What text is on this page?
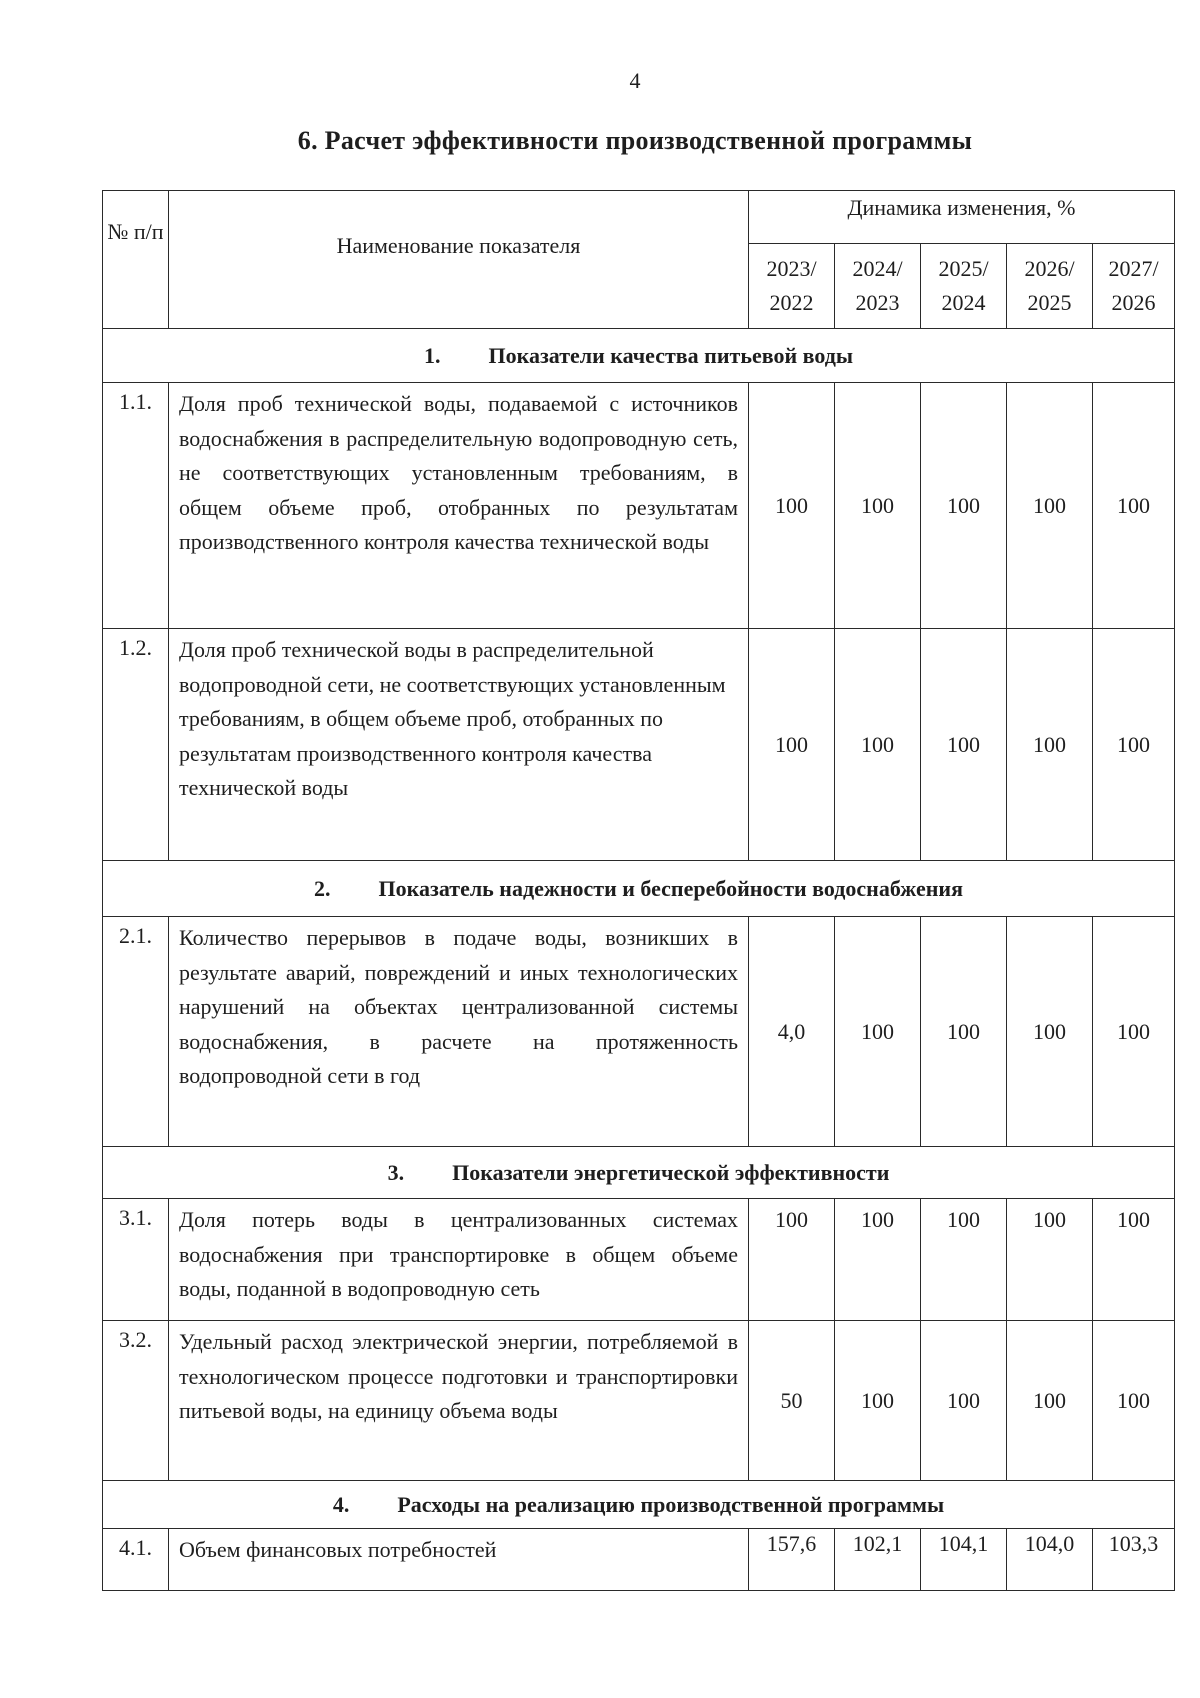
4
6. Расчет эффективности производственной программы
№ п/п	Наименование показателя	Динамика изменения, %				
		2023/ 2022	2024/ 2023	2025/ 2024	2026/ 2025	2027/ 2026
1. Показатели качества питьевой воды						
1.1.	Доля проб технической воды, подаваемой с источников водоснабжения в распределительную водопроводную сеть, не соответствующих установленным требованиям, в общем объеме проб, отобранных по результатам производственного контроля качества технической воды	100	100	100	100	100
1.2.	Доля проб технической воды в распределительной водопроводной сети, не соответствующих установленным требованиям, в общем объеме проб, отобранных по результатам производственного контроля качества технической воды	100	100	100	100	100
2. Показатель надежности и бесперебойности водоснабжения						
2.1.	Количество перерывов в подаче воды, возникших в результате аварий, повреждений и иных технологических нарушений на объектах централизованной системы водоснабжения, в расчете на протяженность водопроводной сети в год	4,0	100	100	100	100
3. Показатели энергетической эффективности						
3.1.	Доля потерь воды в централизованных системах водоснабжения при транспортировке в общем объеме воды, поданной в водопроводную сеть	100	100	100	100	100
3.2.	Удельный расход электрической энергии, потребляемой в технологическом процессе подготовки и транспортировки питьевой воды, на единицу объема воды	50	100	100	100	100
4. Расходы на реализацию производственной программы						
4.1.	Объем финансовых потребностей	157,6	102,1	104,1	104,0	103,3
